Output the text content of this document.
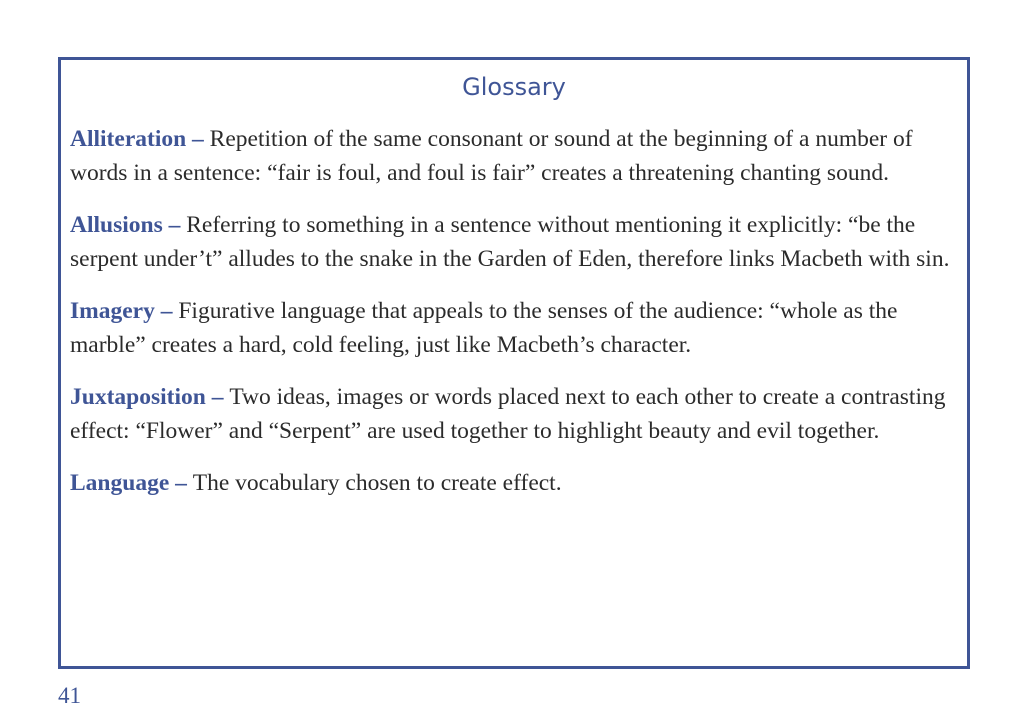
Glossary

Alliteration – Repetition of the same consonant or sound at the beginning of a number of words in a sentence: “fair is foul, and foul is fair” creates a threatening chanting sound.

Allusions – Referring to something in a sentence without mentioning it explicitly: “be the serpent under’t” alludes to the snake in the Garden of Eden, therefore links Macbeth with sin.

Imagery – Figurative language that appeals to the senses of the audience: “whole as the marble” creates a hard, cold feeling, just like Macbeth’s character.

Juxtaposition – Two ideas, images or words placed next to each other to create a contrasting effect: “Flower” and “Serpent” are used together to highlight beauty and evil together.

Language – The vocabulary chosen to create effect.

41
